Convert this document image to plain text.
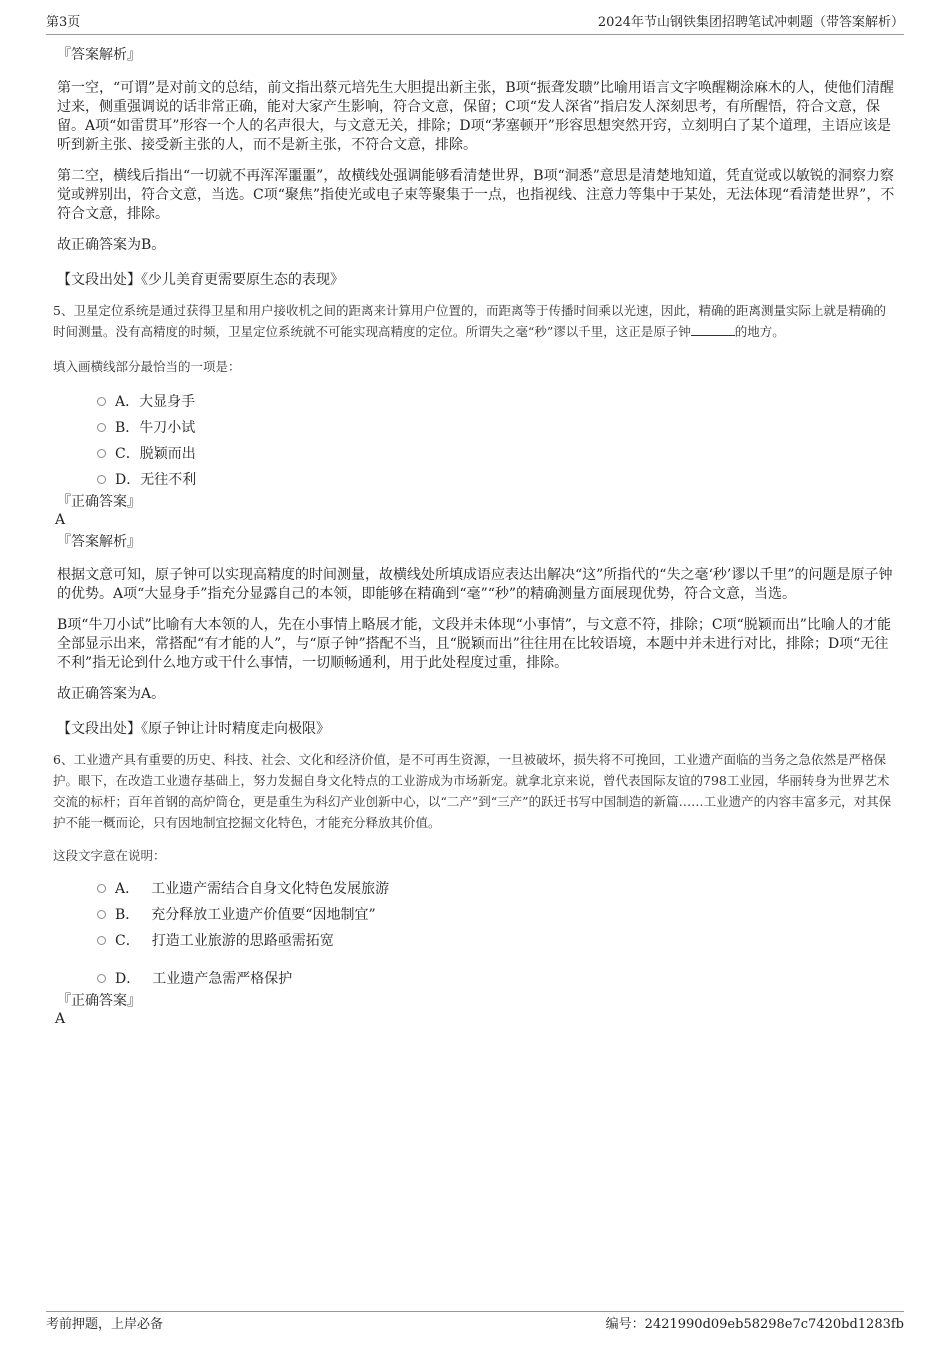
第3页	2024年节山钢铁集团招聘笔试冲刺题（带答案解析）

『答案解析』

第一空，“可谓”是对前文的总结，前文指出蔡元培先生大胆提出新主张，B项“振聋发聩”比喻用语言文字唤醒糊涂麻木的人，使他们清醒过来，侧重强调说的话非常正确，能对大家产生影响，符合文意，保留；C项“发人深省”指启发人深刻思考，有所醒悟，符合文意，保留。A项“如雷贯耳”形容一个人的名声很大，与文意无关，排除；D项“茅塞顿开”形容思想突然开窍，立刻明白了某个道理，主语应该是听到新主张、接受新主张的人，而不是新主张，不符合文意，排除。

第二空，横线后指出“一切就不再浑浑噩噩”，故横线处强调能够看清楚世界，B项“洞悉”意思是清楚地知道，凭直觉或以敏锐的洞察力察觉或辨别出，符合文意，当选。C项“聚焦”指使光或电子束等聚集于一点，也指视线、注意力等集中于某处，无法体现“看清楚世界”，不符合文意，排除。

故正确答案为B。

【文段出处】《少儿美育更需要原生态的表现》

5、卫星定位系统是通过获得卫星和用户接收机之间的距离来计算用户位置的，而距离等于传播时间乘以光速，因此，精确的距离测量实际上就是精确的时间测量。没有高精度的时频，卫星定位系统就不可能实现高精度的定位。所谓失之毫“秒”谬以千里，这正是原子钟	的地方。

填入画横线部分最恰当的一项是：

A．大显身手
B．牛刀小试
C．脱颖而出
D．无往不利

『正确答案』

A

『答案解析』

根据文意可知，原子钟可以实现高精度的时间测量，故横线处所填成语应表达出解决“这”所指代的“失之毫‘秒’谬以千里”的问题是原子钟的优势。A项“大显身手”指充分显露自己的本领，即能够在精确到“毫”“秒”的精确测量方面展现优势，符合文意，当选。

B项“牛刀小试”比喻有大本领的人，先在小事情上略展才能，文段并未体现“小事情”，与文意不符，排除；C项“脱颖而出”比喻人的才能全部显示出来，常搭配“有才能的人”，与“原子钟”搭配不当，且“脱颖而出”往往用在比较语境，本题中并未进行对比，排除；D项“无往不利”指无论到什么地方或干什么事情，一切顺畅通利，用于此处程度过重，排除。

故正确答案为A。

【文段出处】《原子钟让计时精度走向极限》

6、工业遗产具有重要的历史、科技、社会、文化和经济价值，是不可再生资源，一旦被破坏，损失将不可挽回，工业遗产面临的当务之急依然是严格保护。眼下，在改造工业遗存基础上，努力发掘自身文化特点的工业游成为市场新宠。就拿北京来说，曾代表国际友谊的798工业园，华丽转身为世界艺术交流的标杆；百年首钢的高炉筒仓，更是重生为科幻产业创新中心，以“二产”到“三产”的跃迁书写中国制造的新篇……工业遗产的内容丰富多元，对其保护不能一概而论，只有因地制宜挖掘文化特色，才能充分释放其价值。

这段文字意在说明：

A． 工业遗产需结合自身文化特色发展旅游
B． 充分释放工业遗产价值要“因地制宜”
C． 打造工业旅游的思路亟需拓宽
D． 工业遗产急需严格保护

『正确答案』

A

考前押题，上岸必备	编号：2421990d09eb58298e7c7420bd1283fb
